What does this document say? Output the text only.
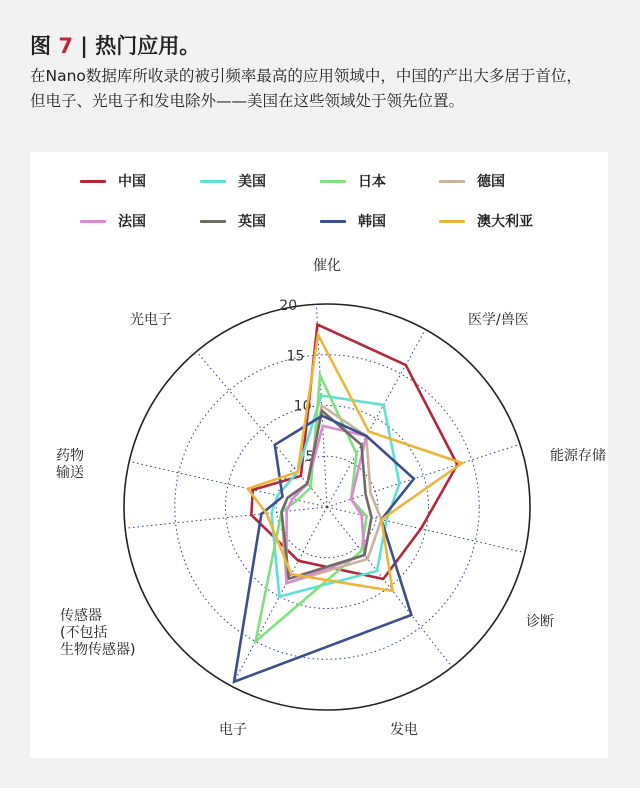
图 7 | 热门应用。
在Nano数据库所收录的被引频率最高的应用领域中，中国的产出大多居于首位，但电子、光电子和发电除外——美国在这些领域处于领先位置。
中国	美国	日本	德国
法国	英国	韩国	澳大利亚
5
10
15
20
催化
医学/兽医
能源存储
诊断
发电
电子
传感器
(不包括
生物传感器)
药物
输送
光电子
